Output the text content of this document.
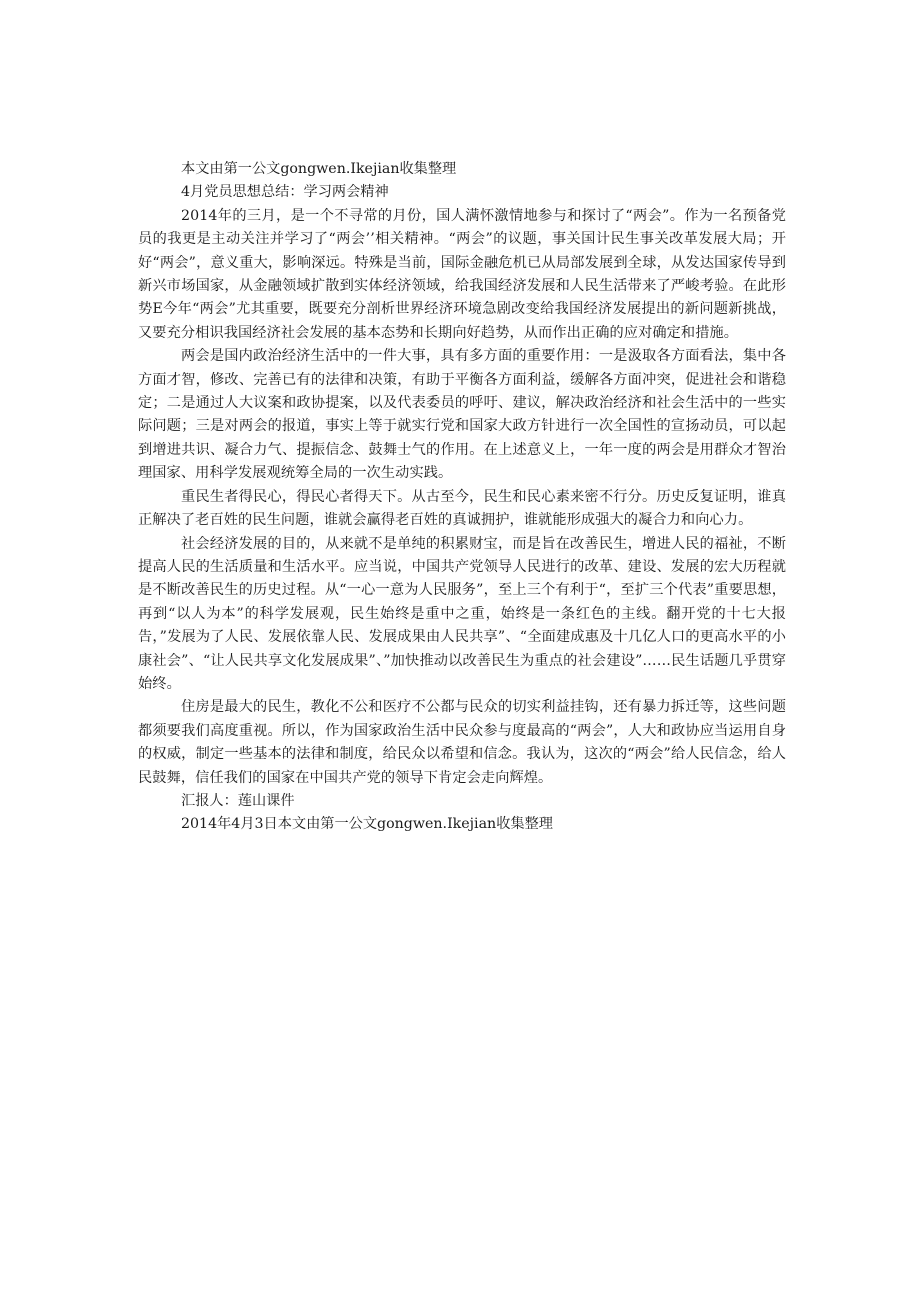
本文由第一公文gongwen.Ikejian收集整理

4月党员思想总结：学习两会精神

2014年的三月，是一个不寻常的月份，国人满怀激情地参与和探讨了“两会”。作为一名预备党员的我更是主动关注并学习了“两会’’相关精神。“两会”的议题，事关国计民生事关改革发展大局；开好“两会”，意义重大，影响深远。特殊是当前，国际金融危机已从局部发展到全球，从发达国家传导到新兴市场国家，从金融领域扩散到实体经济领域，给我国经济发展和人民生活带来了严峻考验。在此形势E今年“两会”尤其重要，既要充分剖析世界经济环境急剧改变给我国经济发展提出的新问题新挑战，又要充分相识我国经济社会发展的基本态势和长期向好趋势，从而作出正确的应对确定和措施。

两会是国内政治经济生活中的一件大事，具有多方面的重要作用：一是汲取各方面看法，集中各方面才智，修改、完善已有的法律和决策，有助于平衡各方面利益，缓解各方面冲突，促进社会和谐稳定；二是通过人大议案和政协提案，以及代表委员的呼吁、建议，解决政治经济和社会生活中的一些实际问题；三是对两会的报道，事实上等于就实行党和国家大政方针进行一次全国性的宣扬动员，可以起到增进共识、凝合力气、提振信念、鼓舞士气的作用。在上述意义上，一年一度的两会是用群众才智治理国家、用科学发展观统筹全局的一次生动实践。

重民生者得民心，得民心者得天下。从古至今，民生和民心素来密不行分。历史反复证明，谁真正解决了老百姓的民生问题，谁就会赢得老百姓的真诚拥护，谁就能形成强大的凝合力和向心力。

社会经济发展的目的，从来就不是单纯的积累财宝，而是旨在改善民生，增进人民的福祉，不断提高人民的生活质量和生活水平。应当说，中国共产党领导人民进行的改革、建设、发展的宏大历程就是不断改善民生的历史过程。从“一心一意为人民服务”，至上三个有利于“，至扩三个代表”重要思想，再到“以人为本”的科学发展观，民生始终是重中之重，始终是一条红色的主线。翻开党的十七大报告，”发展为了人民、发展依靠人民、发展成果由人民共享”、“全面建成惠及十几亿人口的更高水平的小康社会”、“让人民共享文化发展成果”、”加快推动以改善民生为重点的社会建设”……民生话题几乎贯穿始终。

住房是最大的民生，教化不公和医疗不公都与民众的切实利益挂钩，还有暴力拆迁等，这些问题都须要我们高度重视。所以，作为国家政治生活中民众参与度最高的“两会”，人大和政协应当运用自身的权威，制定一些基本的法律和制度，给民众以希望和信念。我认为，这次的“两会”给人民信念，给人民鼓舞，信任我们的国家在中国共产党的领导下肯定会走向辉煌。

汇报人：莲山课件

2014年4月3日本文由第一公文gongwen.Ikejian收集整理
